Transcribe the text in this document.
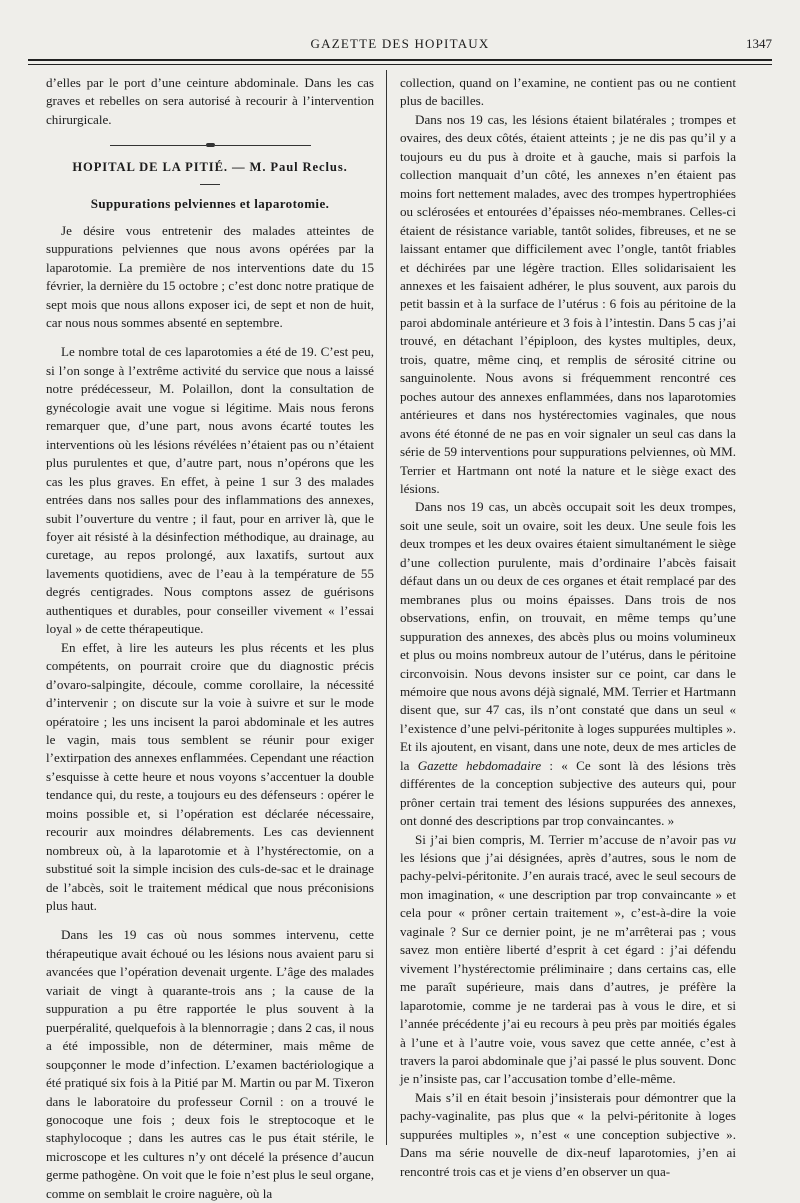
GAZETTE DES HOPITAUX	1347

d’elles par le port d’une ceinture abdominale. Dans les cas graves et rebelles on sera autorisé à recourir à l’intervention chirurgicale.

HOPITAL DE LA PITIÉ. — M. Paul Reclus.
Suppurations pelviennes et laparotomie.

Je désire vous entretenir des malades atteintes de suppurations pelviennes que nous avons opérées par la laparotomie. La première de nos interventions date du 15 février, la dernière du 15 octobre ; c’est donc notre pratique de sept mois que nous allons exposer ici, de sept et non de huit, car nous nous sommes absenté en septembre.

Le nombre total de ces laparotomies a été de 19. C’est peu, si l’on songe à l’extrême activité du service que nous a laissé notre prédécesseur, M. Polaillon, dont la consultation de gynécologie avait une vogue si légitime. Mais nous ferons remarquer que, d’une part, nous avons écarté toutes les interventions où les lésions révélées n’étaient pas ou n’étaient plus purulentes et que, d’autre part, nous n’opérons que les cas les plus graves. En effet, à peine 1 sur 3 des malades entrées dans nos salles pour des inflammations des annexes, subit l’ouverture du ventre ; il faut, pour en arriver là, que le foyer ait résisté à la désinfection méthodique, au drainage, au curetage, au repos prolongé, aux laxatifs, surtout aux lavements quotidiens, avec de l’eau à la température de 55 degrés centigrades. Nous comptons assez de guérisons authentiques et durables, pour conseiller vivement « l’essai loyal » de cette thérapeutique.

En effet, à lire les auteurs les plus récents et les plus compétents, on pourrait croire que du diagnostic précis d’ovaro-salpingite, découle, comme corollaire, la nécessité d’intervenir ; on discute sur la voie à suivre et sur le mode opératoire ; les uns incisent la paroi abdominale et les autres le vagin, mais tous semblent se réunir pour exiger l’extirpation des annexes enflammées. Cependant une réaction s’esquisse à cette heure et nous voyons s’accentuer la double tendance qui, du reste, a toujours eu des défenseurs : opérer le moins possible et, si l’opération est déclarée nécessaire, recourir aux moindres délabrements. Les cas deviennent nombreux où, à la laparotomie et à l’hystérectomie, on a substitué soit la simple incision des culs-de-sac et le drainage de l’abcès, soit le traitement médical que nous préconisions plus haut.

Dans les 19 cas où nous sommes intervenu, cette thérapeutique avait échoué ou les lésions nous avaient paru si avancées que l’opération devenait urgente. L’âge des malades variait de vingt à quarante-trois ans ; la cause de la suppuration a pu être rapportée le plus souvent à la puerpéralité, quelquefois à la blennorragie ; dans 2 cas, il nous a été impossible, non de déterminer, mais même de soupçonner le mode d’infection. L’examen bactériologique a été pratiqué six fois à la Pitié par M. Martin ou par M. Tixeron dans le laboratoire du professeur Cornil : on a trouvé le gonocoque une fois ; deux fois le streptocoque et le staphylocoque ; dans les autres cas le pus était stérile, le microscope et les cultures n’y ont décelé la présence d’aucun germe pathogène. On voit que le foie n’est plus le seul organe, comme on semblait le croire naguère, où la

collection, quand on l’examine, ne contient pas ou ne contient plus de bacilles.

Dans nos 19 cas, les lésions étaient bilatérales ; trompes et ovaires, des deux côtés, étaient atteints ; je ne dis pas qu’il y a toujours eu du pus à droite et à gauche, mais si parfois la collection manquait d’un côté, les annexes n’en étaient pas moins fort nettement malades, avec des trompes hypertrophiées ou sclérosées et entourées d’épaisses néo-membranes. Celles-ci étaient de résistance variable, tantôt solides, fibreuses, et ne se laissant entamer que difficilement avec l’ongle, tantôt friables et déchirées par une légère traction. Elles solidarisaient les annexes et les faisaient adhérer, le plus souvent, aux parois du petit bassin et à la surface de l’utérus : 6 fois au péritoine de la paroi abdominale antérieure et 3 fois à l’intestin. Dans 5 cas j’ai trouvé, en détachant l’épiploon, des kystes multiples, deux, trois, quatre, même cinq, et remplis de sérosité citrine ou sanguinolente. Nous avons si fréquemment rencontré ces poches autour des annexes enflammées, dans nos laparotomies antérieures et dans nos hystérectomies vaginales, que nous avons été étonné de ne pas en voir signaler un seul cas dans la série de 59 interventions pour suppurations pelviennes, où MM. Terrier et Hartmann ont noté la nature et le siège exact des lésions.

Dans nos 19 cas, un abcès occupait soit les deux trompes, soit une seule, soit un ovaire, soit les deux. Une seule fois les deux trompes et les deux ovaires étaient simultanément le siège d’une collection purulente, mais d’ordinaire l’abcès faisait défaut dans un ou deux de ces organes et était remplacé par des membranes plus ou moins épaisses. Dans trois de nos observations, enfin, on trouvait, en même temps qu’une suppuration des annexes, des abcès plus ou moins volumineux et plus ou moins nombreux autour de l’utérus, dans le péritoine circonvoisin. Nous devons insister sur ce point, car dans le mémoire que nous avons déjà signalé, MM. Terrier et Hartmann disent que, sur 47 cas, ils n’ont constaté que dans un seul « l’existence d’une pelvi-péritonite à loges suppurées multiples ». Et ils ajoutent, en visant, dans une note, deux de mes articles de la Gazette hebdomadaire : « Ce sont là des lésions très différentes de la conception subjective des auteurs qui, pour prôner certain trai tement des lésions suppurées des annexes, ont donné des descriptions par trop convaincantes. »

Si j’ai bien compris, M. Terrier m’accuse de n’avoir pas vu les lésions que j’ai désignées, après d’autres, sous le nom de pachy-pelvi-péritonite. J’en aurais tracé, avec le seul secours de mon imagination, « une description par trop convaincante » et cela pour « prôner certain traitement », c’est-à-dire la voie vaginale ? Sur ce dernier point, je ne m’arrêterai pas ; vous savez mon entière liberté d’esprit à cet égard : j’ai défendu vivement l’hystérectomie préliminaire ; dans certains cas, elle me paraît supérieure, mais dans d’autres, je préfère la laparotomie, comme je ne tarderai pas à vous le dire, et si l’année précédente j’ai eu recours à peu près par moitiés égales à l’une et à l’autre voie, vous savez que cette année, c’est à travers la paroi abdominale que j’ai passé le plus souvent. Donc je n’insiste pas, car l’accusation tombe d’elle-même.

Mais s’il en était besoin j’insisterais pour démontrer que la pachy-vaginalite, pas plus que « la pelvi-péritonite à loges suppurées multiples », n’est « une conception subjective ». Dans ma série nouvelle de dix-neuf laparotomies, j’en ai rencontré trois cas et je viens d’en observer un qua-
